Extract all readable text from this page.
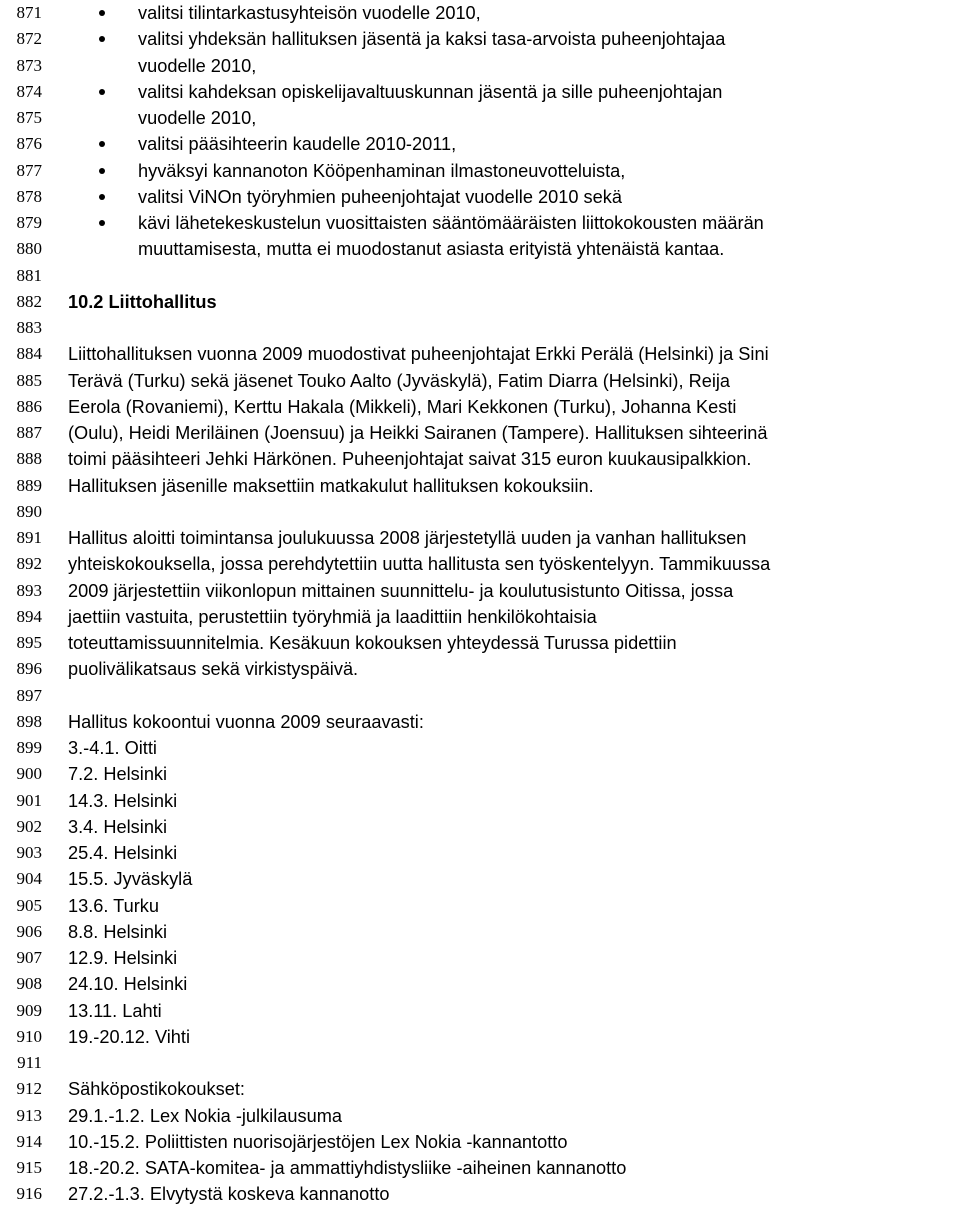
871	valitsi tilintarkastusyhteisön vuodelle 2010,
872	valitsi yhdeksän hallituksen jäsentä ja kaksi tasa-arvoista puheenjohtajaa
873	vuodelle 2010,
874	valitsi kahdeksan opiskelijavaltuuskunnan jäsentä ja sille puheenjohtajan
875	vuodelle 2010,
876	valitsi pääsihteerin kaudelle 2010-2011,
877	hyväksyi kannanoton Kööpenhaminan ilmastoneuvotteluista,
878	valitsi ViNOn työryhmien puheenjohtajat vuodelle 2010 sekä
879	kävi lähetekeskustelun vuosittaisten sääntömääräisten liittokokousten määrän
880	muuttamisesta, mutta ei muodostanut asiasta erityistä yhtenäistä kantaa.
881
882 10.2 Liittohallitus
883
884 Liittohallituksen vuonna 2009 muodostivat puheenjohtajat Erkki Perälä (Helsinki) ja Sini
885 Terävä (Turku) sekä jäsenet Touko Aalto (Jyväskylä), Fatim Diarra (Helsinki), Reija
886 Eerola (Rovaniemi), Kerttu Hakala (Mikkeli), Mari Kekkonen (Turku), Johanna Kesti
887 (Oulu), Heidi Meriläinen (Joensuu) ja Heikki Sairanen (Tampere). Hallituksen sihteerinä
888 toimi pääsihteeri Jehki Härkönen. Puheenjohtajat saivat 315 euron kuukausipalkkion.
889 Hallituksen jäsenille maksettiin matkakulut hallituksen kokouksiin.
890
891 Hallitus aloitti toimintansa joulukuussa 2008 järjestetyllä uuden ja vanhan hallituksen
892 yhteiskokouksella, jossa perehdytettiin uutta hallitusta sen työskentelyyn. Tammikuussa
893 2009 järjestettiin viikonlopun mittainen suunnittelu- ja koulutusistunto Oitissa, jossa
894 jaettiin vastuita, perustettiin työryhmiä ja laadittiin henkilökohtaisia
895 toteuttamissuunnitelmia. Kesäkuun kokouksen yhteydessä Turussa pidettiin
896 puolivälikatsaus sekä virkistyspäivä.
897
898 Hallitus kokoontui vuonna 2009 seuraavasti:
899 3.-4.1. Oitti
900 7.2. Helsinki
901 14.3. Helsinki
902 3.4. Helsinki
903 25.4. Helsinki
904 15.5. Jyväskylä
905 13.6. Turku
906 8.8. Helsinki
907 12.9. Helsinki
908 24.10. Helsinki
909 13.11. Lahti
910 19.-20.12. Vihti
911
912 Sähköpostikokoukset:
913 29.1.-1.2. Lex Nokia -julkilausuma
914 10.-15.2. Poliittisten nuorisojärjestöjen Lex Nokia -kannantotto
915 18.-20.2. SATA-komitea- ja ammattiyhdistysliike -aiheinen kannanotto
916 27.2.-1.3. Elvytystä koskeva kannanotto
